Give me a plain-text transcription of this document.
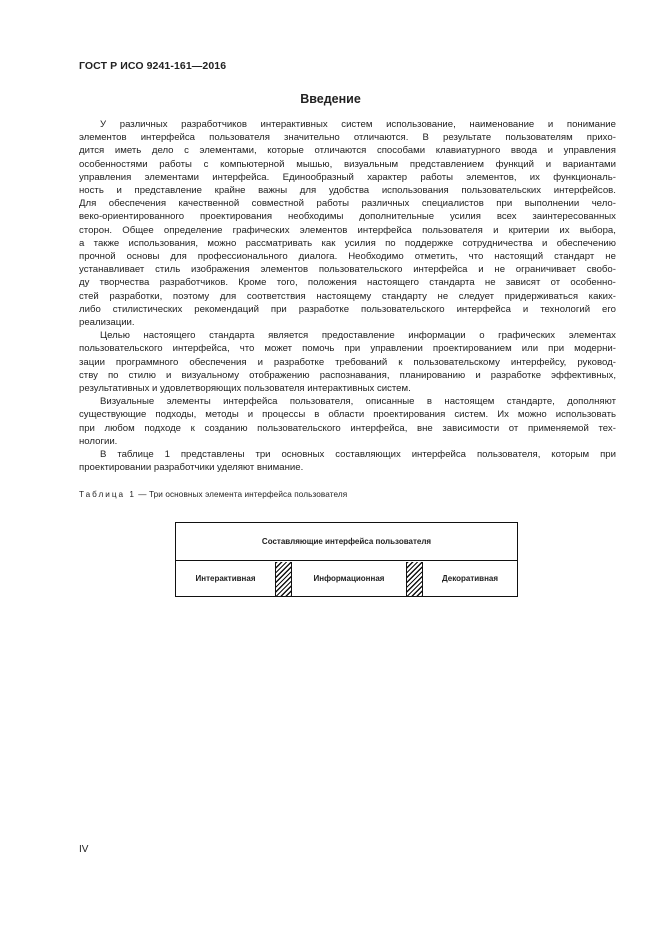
ГОСТ Р ИСО 9241-161—2016
Введение
У различных разработчиков интерактивных систем использование, наименование и понимание
элементов интерфейса пользователя значительно отличаются. В результате пользователям прихо-
дится иметь дело с элементами, которые отличаются способами клавиатурного ввода и управления
особенностями работы с компьютерной мышью, визуальным представлением функций и вариантами
управления элементами интерфейса. Единообразный характер работы элементов, их функциональ-
ность и представление крайне важны для удобства использования пользовательских интерфейсов.
Для обеспечения качественной совместной работы различных специалистов при выполнении чело-
веко-ориентированного проектирования необходимы дополнительные усилия всех заинтересованных
сторон. Общее определение графических элементов интерфейса пользователя и критерии их выбора,
а также использования, можно рассматривать как усилия по поддержке сотрудничества и обеспечению
прочной основы для профессионального диалога. Необходимо отметить, что настоящий стандарт не
устанавливает стиль изображения элементов пользовательского интерфейса и не ограничивает свобо-
ду творчества разработчиков. Кроме того, положения настоящего стандарта не зависят от особенно-
стей разработки, поэтому для соответствия настоящему стандарту не следует придерживаться каких-
либо стилистических рекомендаций при разработке пользовательского интерфейса и технологий его
реализации.
Целью настоящего стандарта является предоставление информации о графических элементах
пользовательского интерфейса, что может помочь при управлении проектированием или при модерни-
зации программного обеспечения и разработке требований к пользовательскому интерфейсу, руковод-
ству по стилю и визуальному отображению распознавания, планированию и разработке эффективных,
результативных и удовлетворяющих пользователя интерактивных систем.
Визуальные элементы интерфейса пользователя, описанные в настоящем стандарте, дополняют
существующие подходы, методы и процессы в области проектирования систем. Их можно использовать
при любом подходе к созданию пользовательского интерфейса, вне зависимости от применяемой тех-
нологии.
В таблице 1 представлены три основных составляющих интерфейса пользователя, которым при
проектировании разработчики уделяют внимание.
Таблица 1 — Три основных элемента интерфейса пользователя
Составляющие интерфейса пользователя
Интерактивная	Информационная	Декоративная
IV
